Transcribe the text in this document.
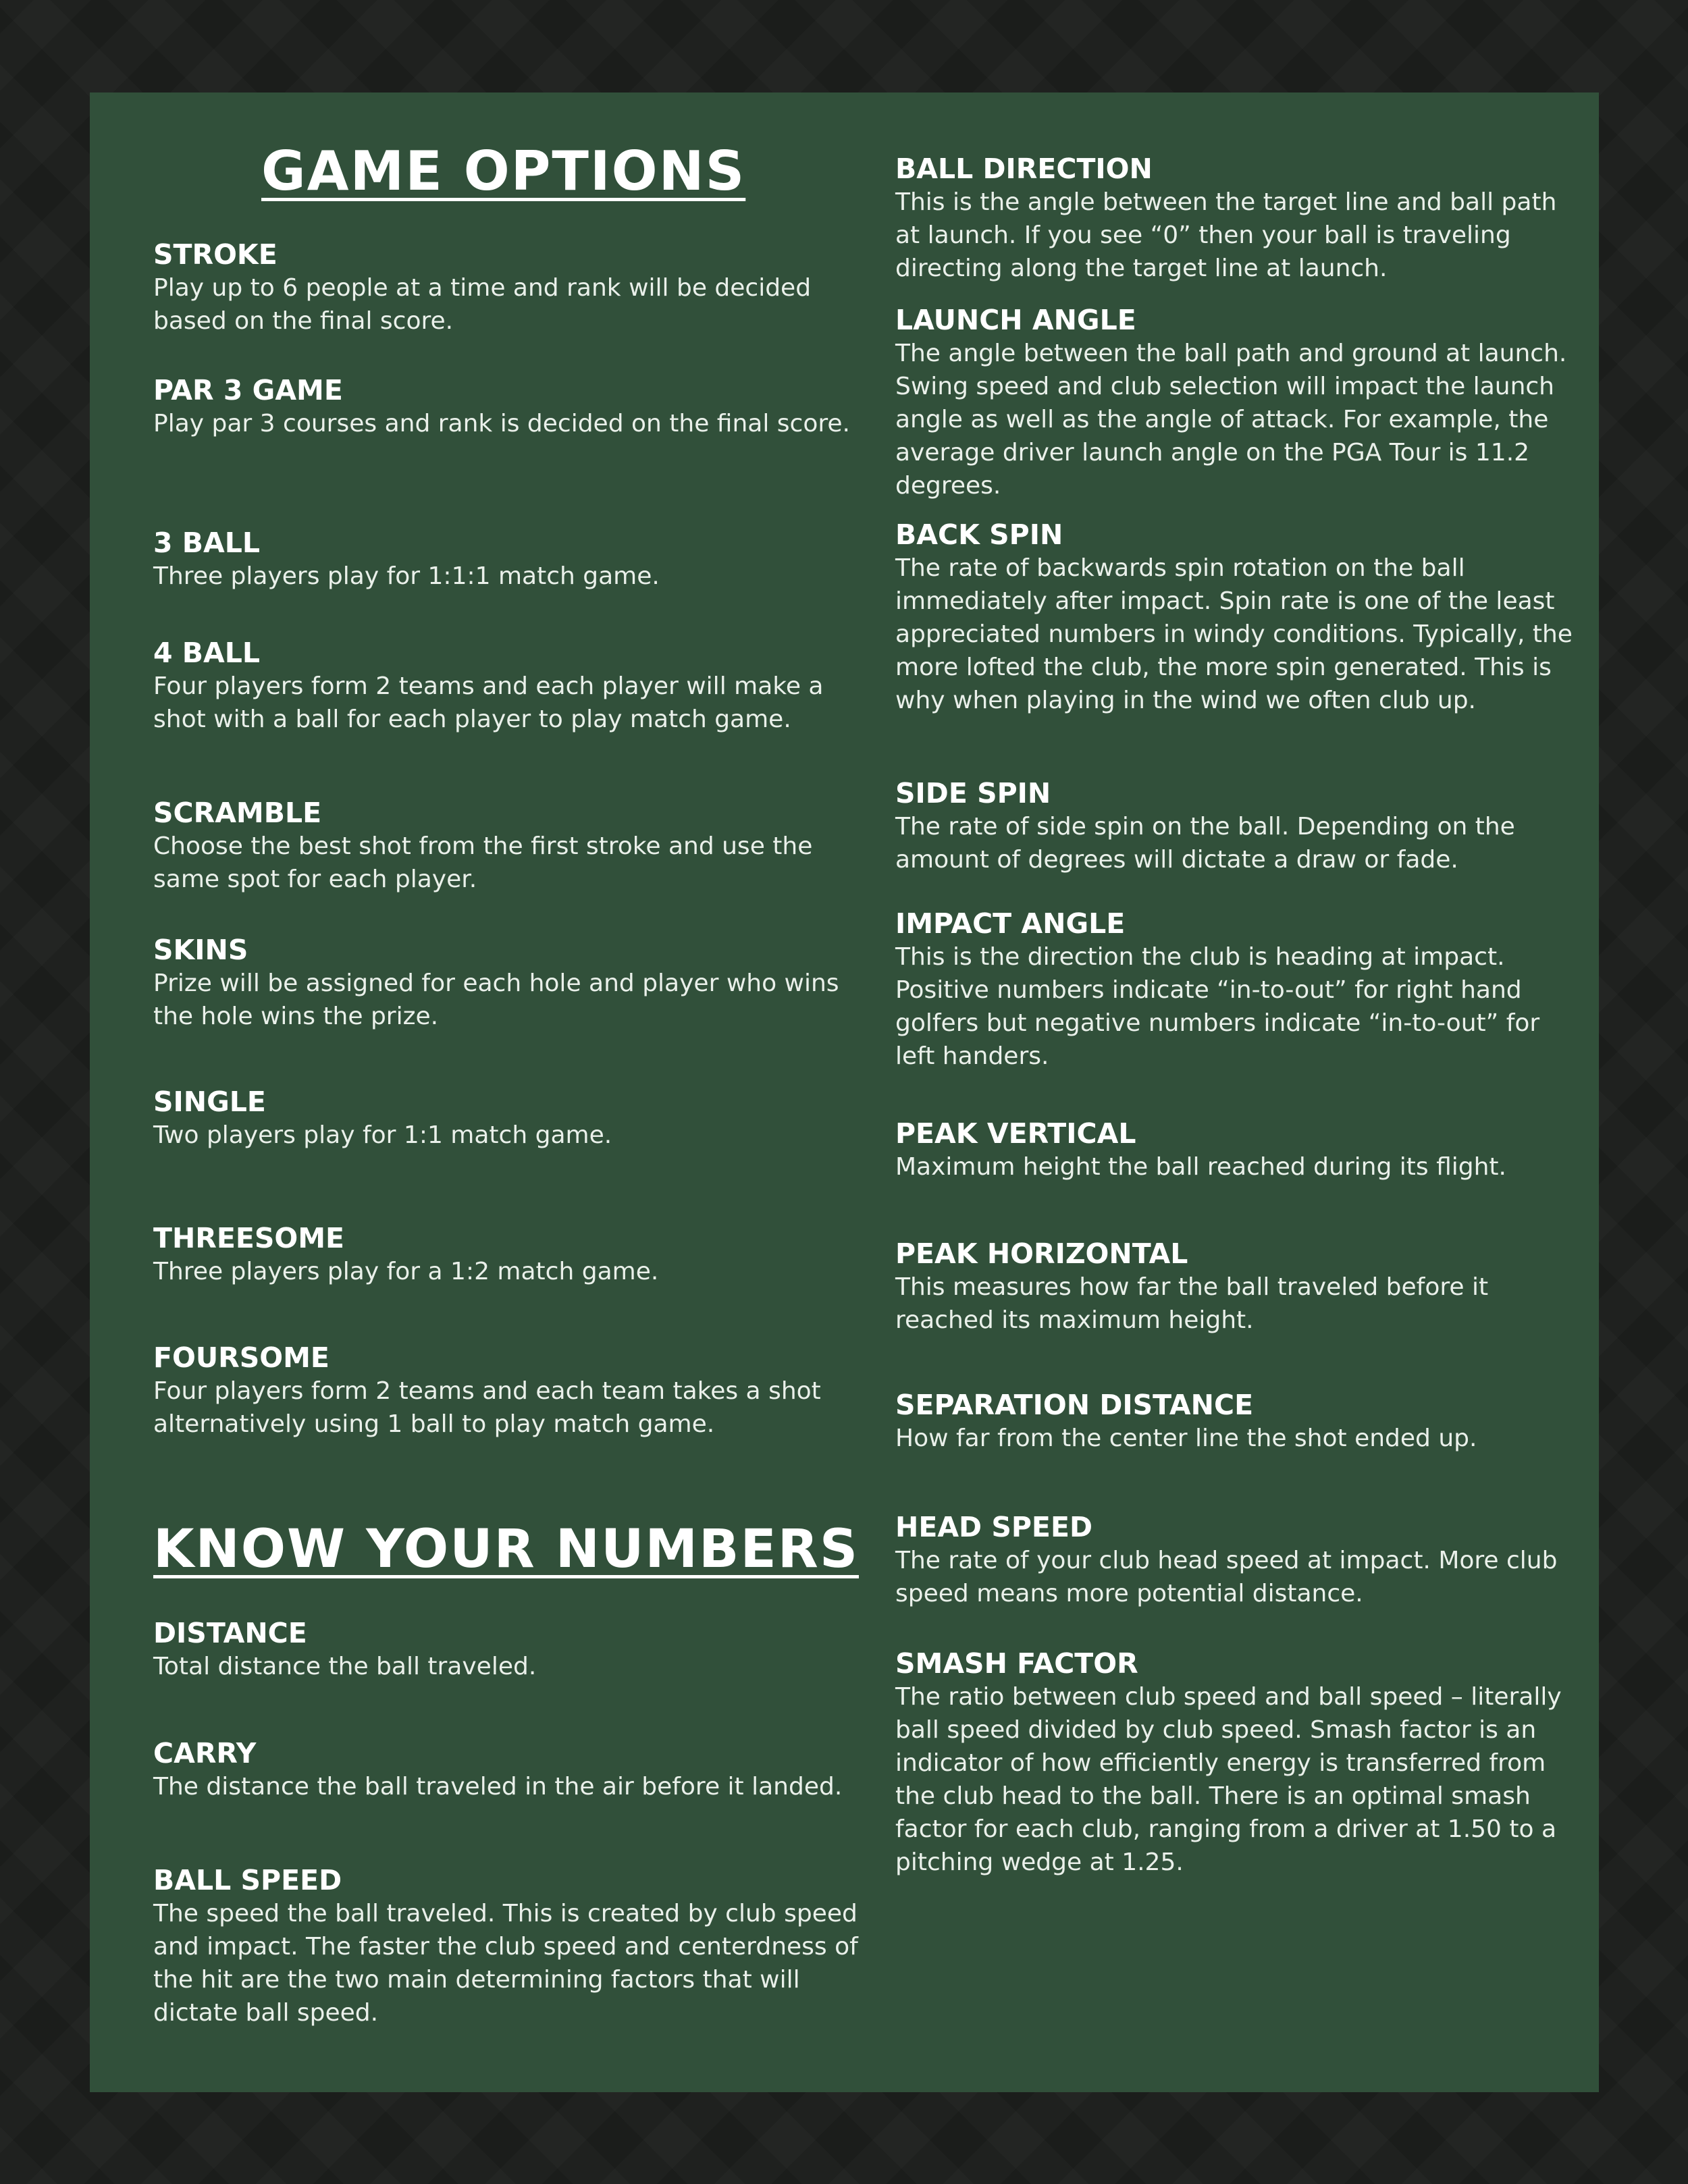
GAME OPTIONS
STROKE

Play up to 6 people at a time and rank will be decided based on the final score.

PAR 3 GAME

Play par 3 courses and rank is decided on the final score.

3 BALL

Three players play for 1:1:1 match game.

4 BALL

Four players form 2 teams and each player will make a shot with a ball for each player to play match game.

SCRAMBLE

Choose the best shot from the first stroke and use the same spot for each player.

SKINS

Prize will be assigned for each hole and player who wins the hole wins the prize.

SINGLE

Two players play for 1:1 match game.

THREESOME

Three players play for a 1:2 match game.

FOURSOME

Four players form 2 teams and each team takes a shot alternatively using 1 ball to play match game.

KNOW YOUR NUMBERS
DISTANCE

Total distance the ball traveled.

CARRY

The distance the ball traveled in the air before it landed.

BALL SPEED

The speed the ball traveled. This is created by club speed and impact. The faster the club speed and centerdness of the hit are the two main determining factors that will dictate ball speed.

BALL DIRECTION

This is the angle between the target line and ball path at launch. If you see “0” then your ball is traveling directing along the target line at launch.

LAUNCH ANGLE

The angle between the ball path and ground at launch. Swing speed and club selection will impact the launch angle as well as the angle of attack. For example, the average driver launch angle on the PGA Tour is 11.2 degrees.

BACK SPIN

The rate of backwards spin rotation on the ball immediately after impact. Spin rate is one of the least appreciated numbers in windy conditions. Typically, the more lofted the club, the more spin generated. This is why when playing in the wind we often club up.

SIDE SPIN

The rate of side spin on the ball. Depending on the amount of degrees will dictate a draw or fade.

IMPACT ANGLE

This is the direction the club is heading at impact. Positive numbers indicate “in-to-out” for right hand golfers but negative numbers indicate “in-to-out” for left handers.

PEAK VERTICAL

Maximum height the ball reached during its flight.

PEAK HORIZONTAL

This measures how far the ball traveled before it reached its maximum height.

SEPARATION DISTANCE

How far from the center line the shot ended up.

HEAD SPEED

The rate of your club head speed at impact. More club speed means more potential distance.

SMASH FACTOR

The ratio between club speed and ball speed – literally ball speed divided by club speed. Smash factor is an indicator of how efficiently energy is transferred from the club head to the ball. There is an optimal smash factor for each club, ranging from a driver at 1.50 to a pitching wedge at 1.25.
